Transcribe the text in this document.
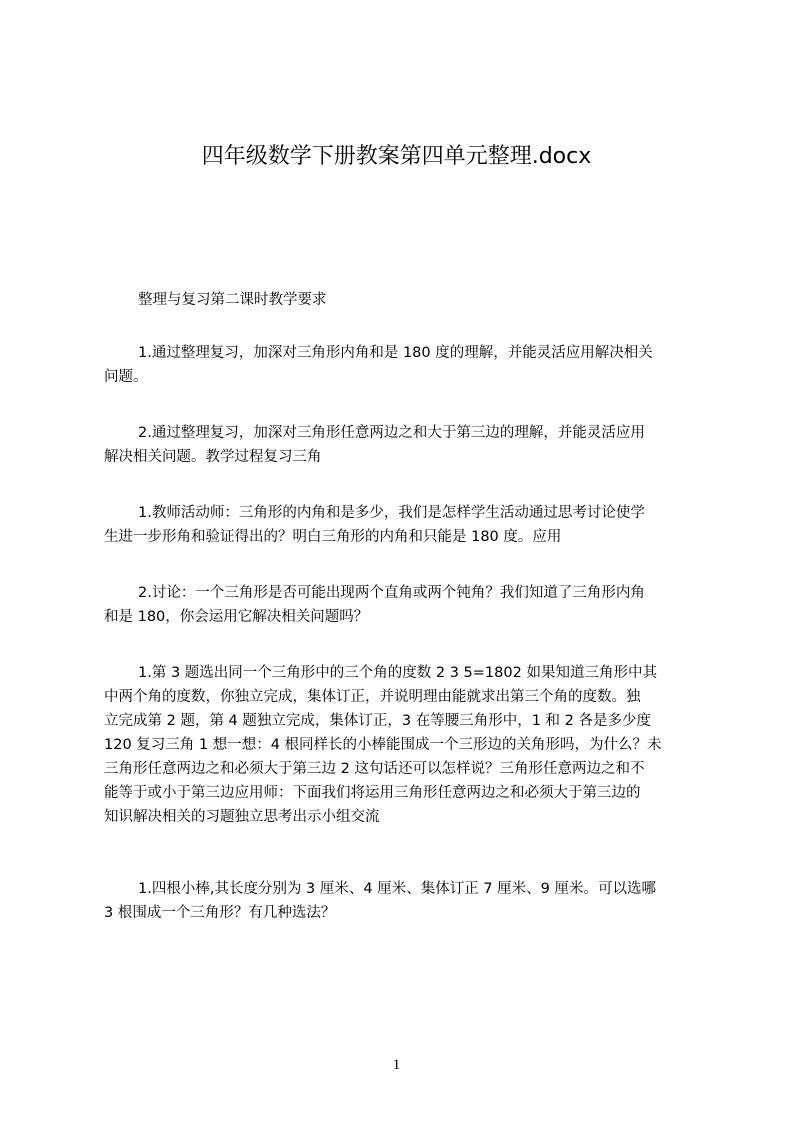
四年级数学下册教案第四单元整理.docx
整理与复习第二课时教学要求
1.通过整理复习，加深对三角形内角和是 180 度的理解，并能灵活应用解决相关
问题。
2.通过整理复习，加深对三角形任意两边之和大于第三边的理解，并能灵活应用
解决相关问题。教学过程复习三角
1.教师活动师：三角形的内角和是多少，我们是怎样学生活动通过思考讨论使学
生进一步形角和验证得出的？明白三角形的内角和只能是 180 度。应用
2.讨论：一个三角形是否可能出现两个直角或两个钝角？我们知道了三角形内角
和是 180，你会运用它解决相关问题吗？
1.第 3 题选出同一个三角形中的三个角的度数 2 3 5=1802 如果知道三角形中其
中两个角的度数，你独立完成，集体订正，并说明理由能就求出第三个角的度数。独
立完成第 2 题，第 4 题独立完成，集体订正，3 在等腰三角形中，1 和 2 各是多少度
120 复习三角 1 想一想：4 根同样长的小棒能围成一个三形边的关角形吗，为什么？未
三角形任意两边之和必须大于第三边 2 这句话还可以怎样说？三角形任意两边之和不
能等于或小于第三边应用师：下面我们将运用三角形任意两边之和必须大于第三边的
知识解决相关的习题独立思考出示小组交流
1.四根小棒,其长度分别为 3 厘米、4 厘米、集体订正 7 厘米、9 厘米。可以选哪
3 根围成一个三角形？有几种选法？
1
